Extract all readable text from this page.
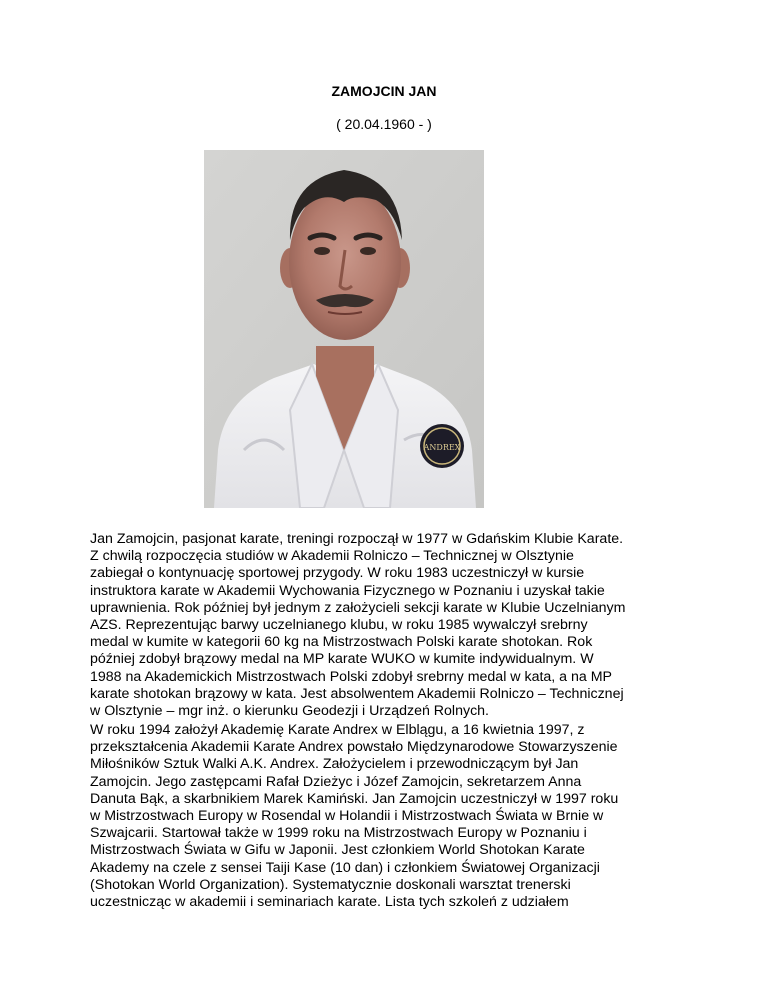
ZAMOJCIN JAN
( 20.04.1960 - )
ANDREX
Jan Zamojcin, pasjonat karate, treningi rozpoczął w 1977 w Gdańskim Klubie Karate.
Z chwilą rozpoczęcia studiów w Akademii Rolniczo – Technicznej w Olsztynie
zabiegał o kontynuację sportowej przygody. W roku 1983 uczestniczył w kursie
instruktora karate w Akademii Wychowania Fizycznego w Poznaniu i uzyskał takie
uprawnienia. Rok później był jednym z założycieli sekcji karate w Klubie Uczelnianym
AZS. Reprezentując barwy uczelnianego klubu, w roku 1985 wywalczył srebrny
medal w kumite w kategorii 60 kg na Mistrzostwach Polski karate shotokan. Rok
później zdobył brązowy medal na MP karate WUKO w kumite indywidualnym. W
1988 na Akademickich Mistrzostwach Polski zdobył srebrny medal w kata, a na MP
karate shotokan brązowy w kata. Jest absolwentem Akademii Rolniczo – Technicznej
w Olsztynie – mgr inż. o kierunku Geodezji i Urządzeń Rolnych.
W roku 1994 założył Akademię Karate Andrex w Elblągu, a 16 kwietnia 1997, z
przekształcenia Akademii Karate Andrex powstało Międzynarodowe Stowarzyszenie
Miłośników Sztuk Walki A.K. Andrex. Założycielem i przewodniczącym był Jan
Zamojcin. Jego zastępcami Rafał Dzieżyc i Józef Zamojcin, sekretarzem Anna
Danuta Bąk, a skarbnikiem Marek Kamiński. Jan Zamojcin uczestniczył w 1997 roku
w Mistrzostwach Europy w Rosendal w Holandii i Mistrzostwach Świata w Brnie w
Szwajcarii. Startował także w 1999 roku na Mistrzostwach Europy w Poznaniu i
Mistrzostwach Świata w Gifu w Japonii. Jest członkiem World Shotokan Karate
Akademy na czele z sensei Taiji Kase (10 dan) i członkiem Światowej Organizacji
(Shotokan World Organization). Systematycznie doskonali warsztat trenerski
uczestnicząc w akademii i seminariach karate. Lista tych szkoleń z udziałem
